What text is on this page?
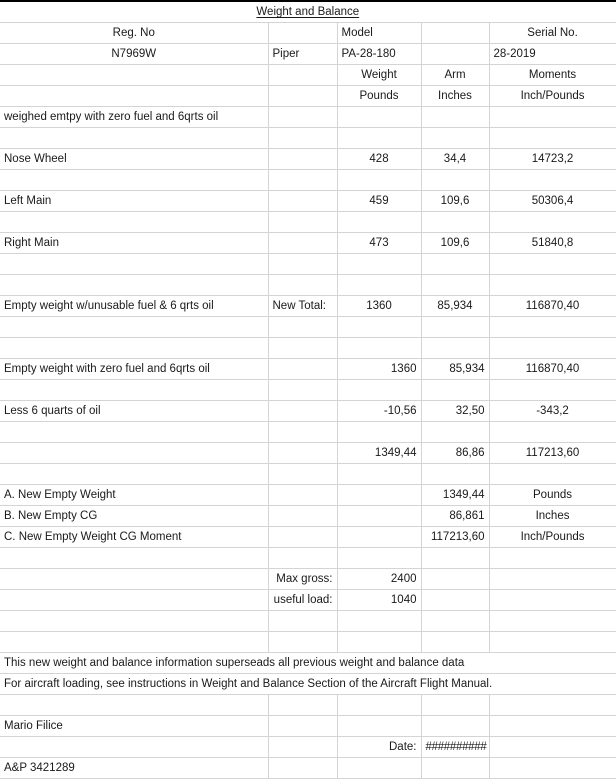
Weight and Balance				
Reg. No		Model		Serial No.
N7969W	Piper	PA-28-180		28-2019
		Weight	Arm	Moments
		Pounds	Inches	Inch/Pounds
weighed emtpy with zero fuel and 6qrts oil				

Nose Wheel		428	34,4	14723,2

Left Main		459	109,6	50306,4

Right Main		473	109,6	51840,8

Empty weight w/unusable fuel & 6 qrts oil	New Total:	1360	85,934	116870,40

Empty weight with zero fuel and 6qrts oil		1360	85,934	116870,40

Less 6 quarts of oil		-10,56	32,50	-343,2

		1349,44	86,86	117213,60

A. New Empty Weight			1349,44	Pounds
B. New Empty CG			86,861	Inches
C. New Empty Weight CG Moment			117213,60	Inch/Pounds

	Max gross:	2400		
	useful load:	1040		

This new weight and balance information superseads all previous weight and balance data				
For aircraft loading, see instructions in Weight and Balance Section of the Aircraft Flight Manual.				

Mario Filice				
		Date:	##########	
A&P 3421289				
